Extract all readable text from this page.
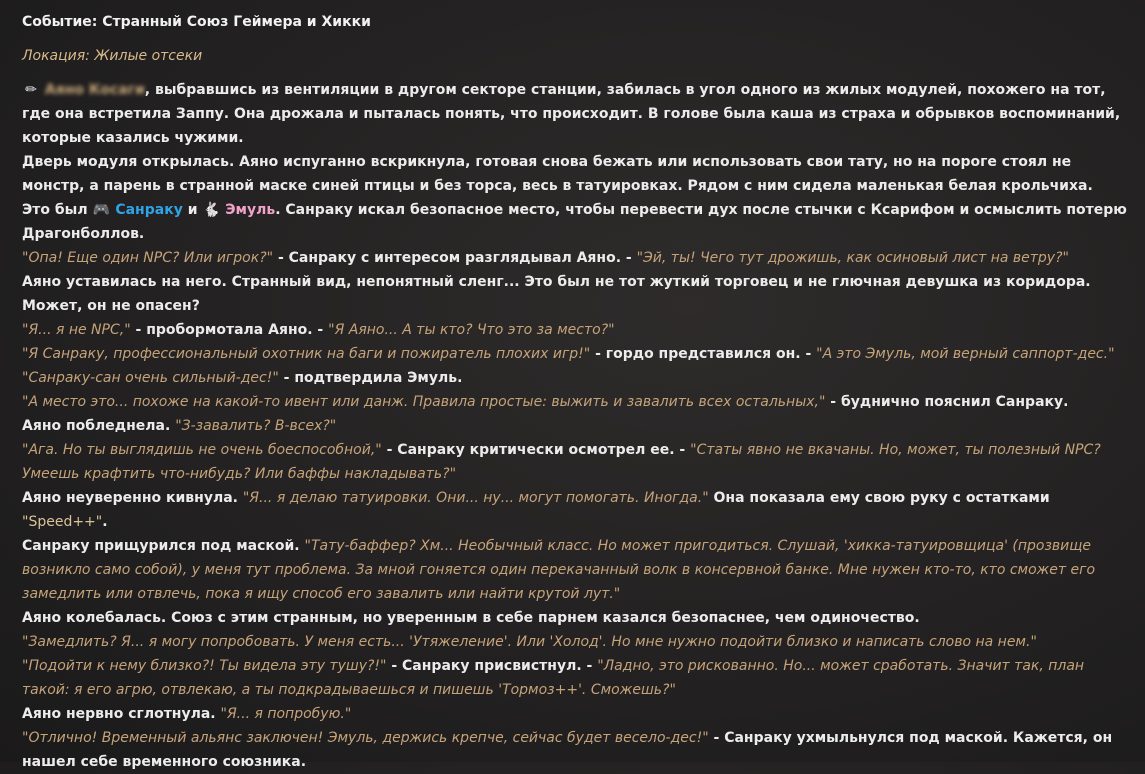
Событие: Странный Союз Геймера и Хикки
Локация: Жилые отсеки

✏ Аяно Косаги, выбравшись из вентиляции в другом секторе станции, забилась в угол одного из жилых модулей, похожего на тот, где она встретила Заппу. Она дрожала и пыталась понять, что происходит. В голове была каша из страха и обрывков воспоминаний, которые казались чужими.

Дверь модуля открылась. Аяно испуганно вскрикнула, готовая снова бежать или использовать свои тату, но на пороге стоял не монстр, а парень в странной маске синей птицы и без торса, весь в татуировках. Рядом с ним сидела маленькая белая крольчиха.

Это был 🎮 Санраку и 🐇 Эмуль. Санраку искал безопасное место, чтобы перевести дух после стычки с Ксарифом и осмыслить потерю Драгонболлов.

"Опа! Еще один NPC? Или игрок?" - Санраку с интересом разглядывал Аяно. - "Эй, ты! Чего тут дрожишь, как осиновый лист на ветру?"

Аяно уставилась на него. Странный вид, непонятный сленг... Это был не тот жуткий торговец и не глючная девушка из коридора. Может, он не опасен?

"Я... я не NPC," - пробормотала Аяно. - "Я Аяно... А ты кто? Что это за место?"

"Я Санраку, профессиональный охотник на баги и пожиратель плохих игр!" - гордо представился он. - "А это Эмуль, мой верный саппорт-дес."

"Санраку-сан очень сильный-дес!" - подтвердила Эмуль.

"А место это... похоже на какой-то ивент или данж. Правила простые: выжить и завалить всех остальных," - буднично пояснил Санраку.

Аяно побледнела. "З-завалить? В-всех?"

"Ага. Но ты выглядишь не очень боеспособной," - Санраку критически осмотрел ее. - "Статы явно не вкачаны. Но, может, ты полезный NPC? Умеешь крафтить что-нибудь? Или баффы накладывать?"

Аяно неуверенно кивнула. "Я... я делаю татуировки. Они... ну... могут помогать. Иногда." Она показала ему свою руку с остатками "Speed++".

Санраку прищурился под маской. "Тату-баффер? Хм... Необычный класс. Но может пригодиться. Слушай, 'хикка-татуировщица' (прозвище возникло само собой), у меня тут проблема. За мной гоняется один перекачанный волк в консервной банке. Мне нужен кто-то, кто сможет его замедлить или отвлечь, пока я ищу способ его завалить или найти крутой лут."

Аяно колебалась. Союз с этим странным, но уверенным в себе парнем казался безопаснее, чем одиночество.

"Замедлить? Я... я могу попробовать. У меня есть... 'Утяжеление'. Или 'Холод'. Но мне нужно подойти близко и написать слово на нем."

"Подойти к нему близко?! Ты видела эту тушу?!" - Санраку присвистнул. - "Ладно, это рискованно. Но... может сработать. Значит так, план такой: я его агрю, отвлекаю, а ты подкрадываешься и пишешь 'Тормоз++'. Сможешь?"

Аяно нервно сглотнула. "Я... я попробую."

"Отлично! Временный альянс заключен! Эмуль, держись крепче, сейчас будет весело-дес!" - Санраку ухмыльнулся под маской. Кажется, он нашел себе временного союзника.
